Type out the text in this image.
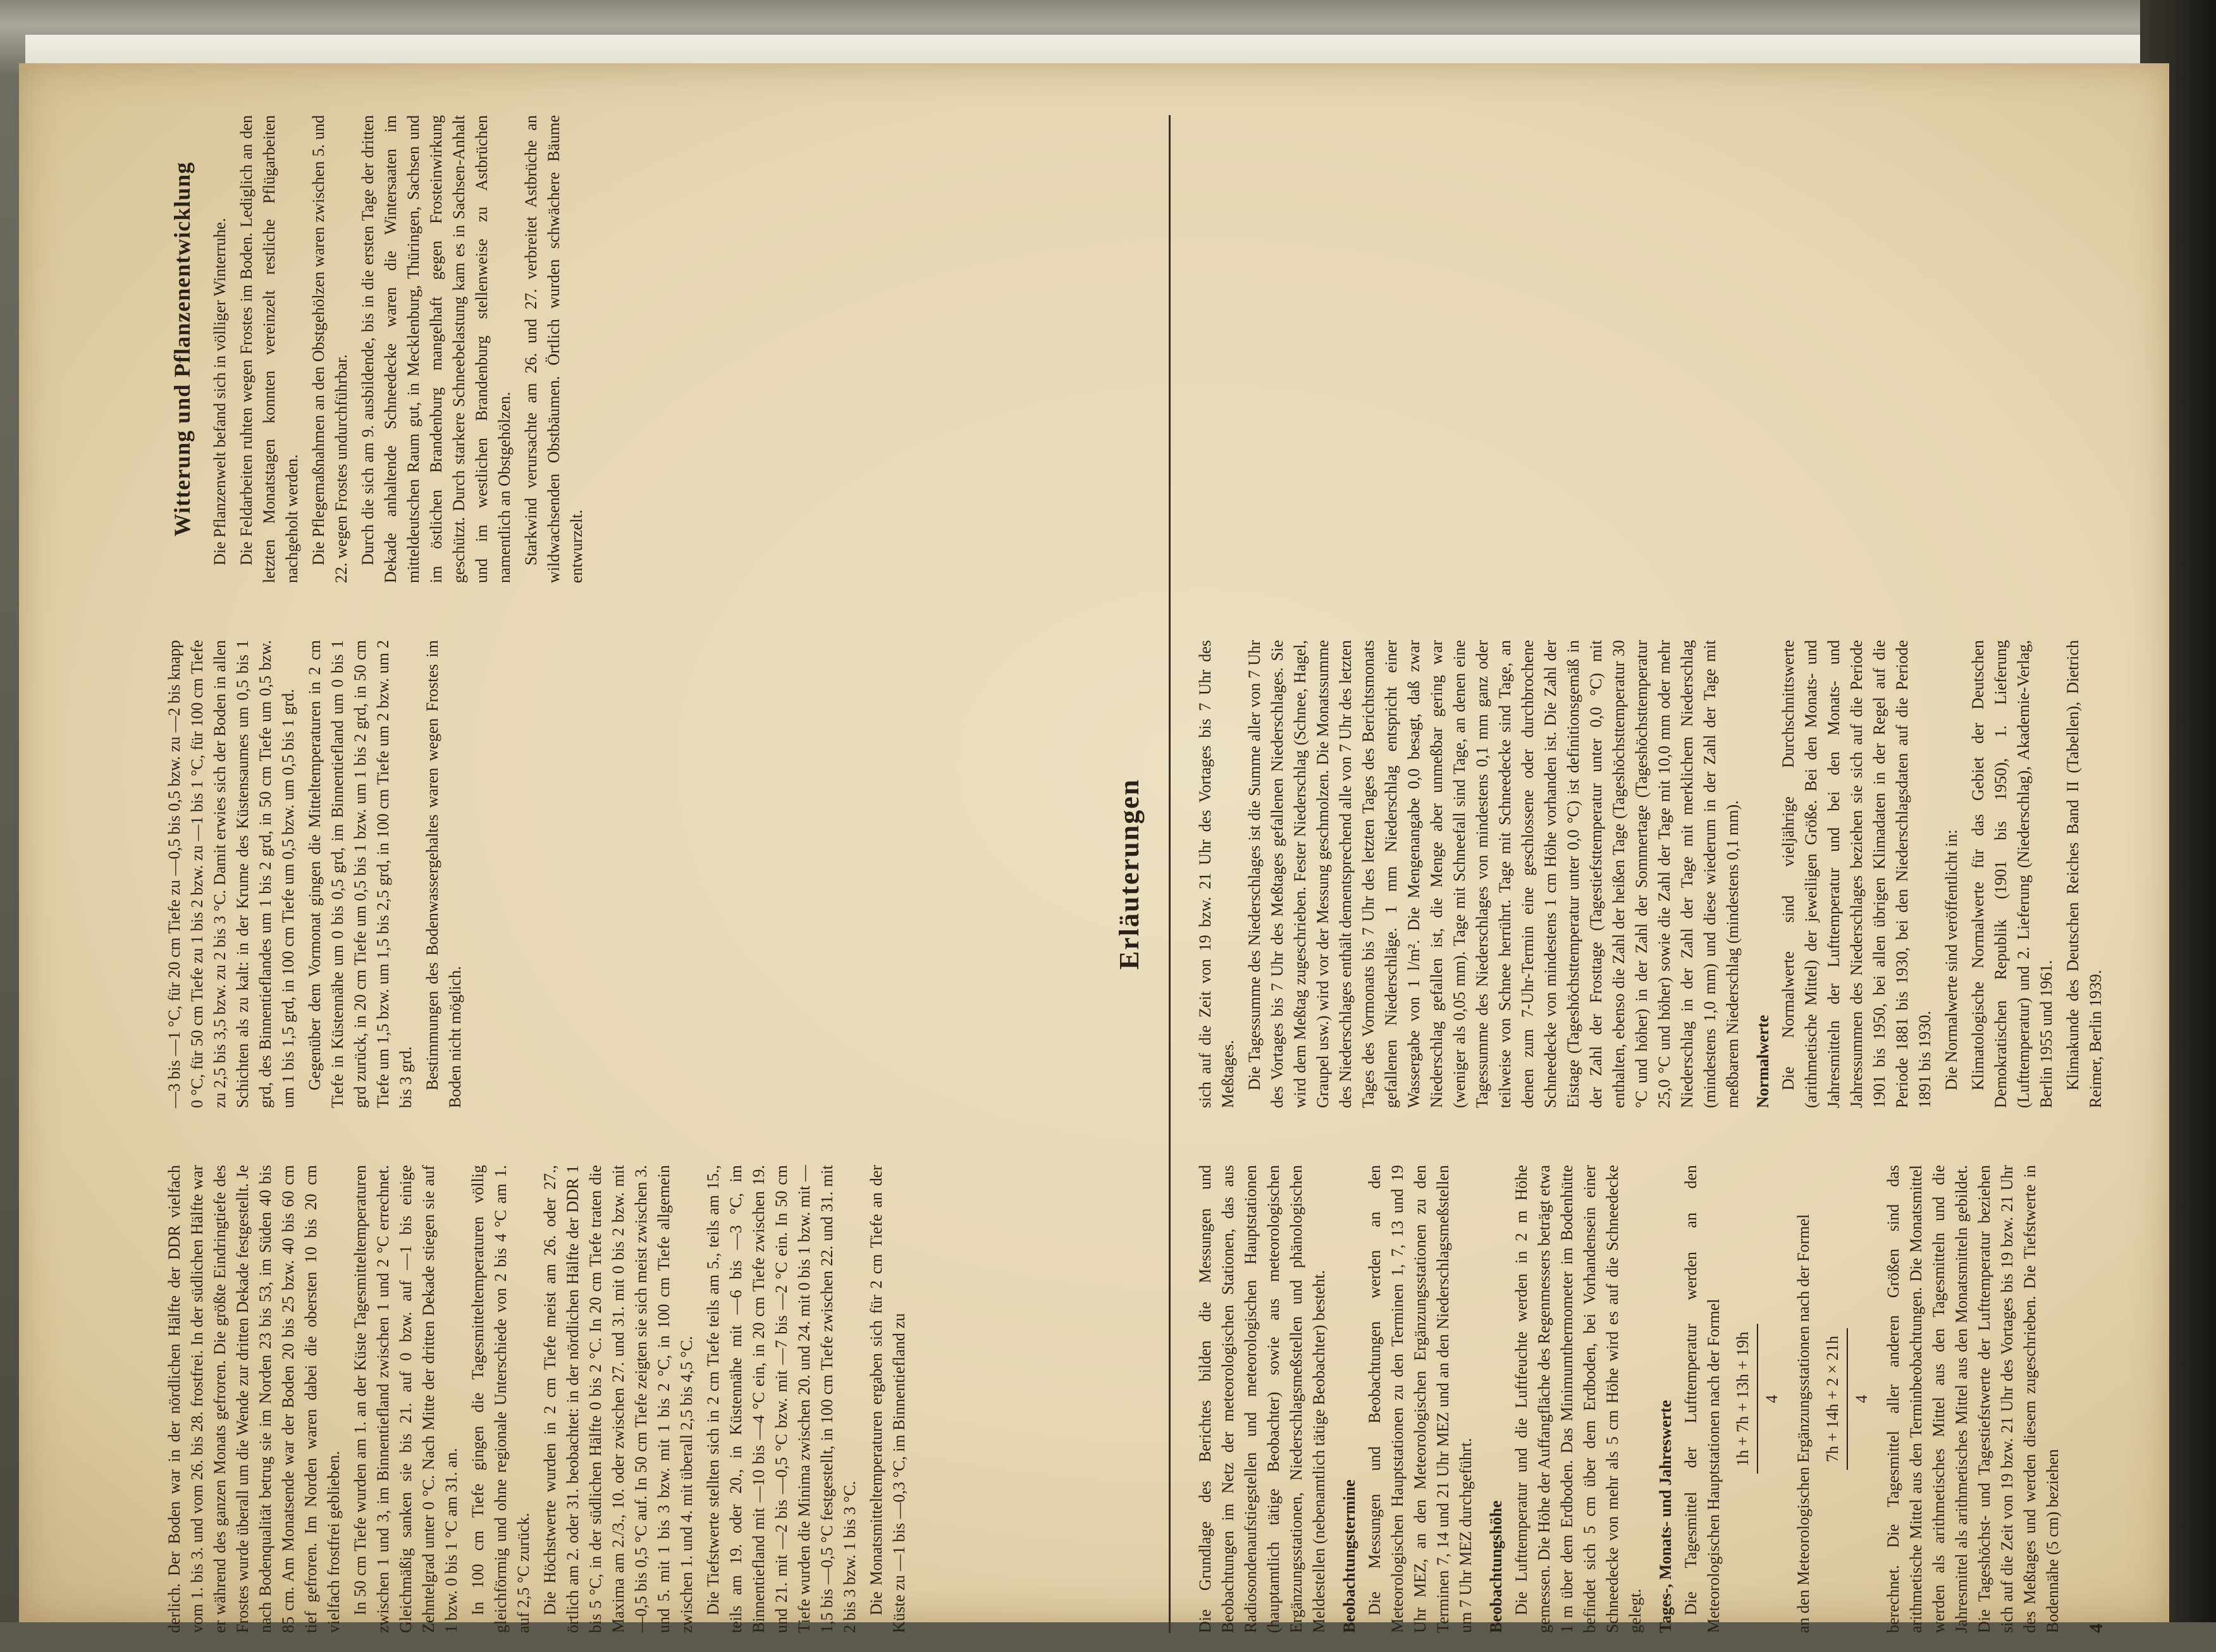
derlich. Der Boden war in der nördlichen Hälfte der DDR vielfach vom 1. bis 3. und vom 26. bis 28. frostfrei. In der südlichen Hälfte war er während des ganzen Monats gefroren. Die größte Eindringtiefe des Frostes wurde überall um die Wende zur dritten Dekade festgestellt. Je nach Bodenqualität betrug sie im Norden 23 bis 53, im Süden 40 bis 85 cm. Am Monatsende war der Boden 20 bis 25 bzw. 40 bis 60 cm tief gefroren. Im Norden waren dabei die obersten 10 bis 20 cm vielfach frostfrei geblieben. In 50 cm Tiefe wurden am 1. an der Küste Tagesmitteltemperaturen zwischen 1 und 3, im Binnentiefland zwischen 1 und 2 °C errechnet. Gleichmäßig sanken sie bis 21. auf 0 bzw. auf —1 bis einige Zehntelgrad unter 0 °C. Nach Mitte der dritten Dekade stiegen sie auf 1 bzw. 0 bis 1 °C am 31. an. In 100 cm Tiefe gingen die Tagesmitteltemperaturen völlig gleichförmig und ohne regionale Unterschiede von 2 bis 4 °C am 1. auf 2,5 °C zurück. Die Höchstwerte wurden in 2 cm Tiefe meist am 26. oder 27., örtlich am 2. oder 31. beobachtet: in der nördlichen Hälfte der DDR 1 bis 5 °C, in der südlichen Hälfte 0 bis 2 °C. In 20 cm Tiefe traten die Maxima am 2./3., 10. oder zwischen 27. und 31. mit 0 bis 2 bzw. mit —0,5 bis 0,5 °C auf. In 50 cm Tiefe zeigten sie sich meist zwischen 3. und 5. mit 1 bis 3 bzw. mit 1 bis 2 °C, in 100 cm Tiefe allgemein zwischen 1. und 4. mit überall 2,5 bis 4,5 °C. Die Tiefstwerte stellten sich in 2 cm Tiefe teils am 5., teils am 15., teils am 19. oder 20., in Küstennähe mit —6 bis —3 °C, im Binnentiefland mit —10 bis —4 °C ein, in 20 cm Tiefe zwischen 19. und 21. mit —2 bis —0,5 °C bzw. mit —7 bis —2 °C ein. In 50 cm Tiefe wurden die Minima zwischen 20. und 24. mit 0 bis 1 bzw. mit —1,5 bis —0,5 °C festgestellt, in 100 cm Tiefe zwischen 22. und 31. mit 2 bis 3 bzw. 1 bis 3 °C. Die Monatsmitteltemperaturen ergaben sich für 2 cm Tiefe an der Küste zu —1 bis —0,3 °C, im Binnentiefland zu

—3 bis —1 °C, für 20 cm Tiefe zu —0,5 bis 0,5 bzw. zu —2 bis knapp 0 °C, für 50 cm Tiefe zu 1 bis 2 bzw. zu —1 bis 1 °C, für 100 cm Tiefe zu 2,5 bis 3,5 bzw. zu 2 bis 3 °C. Damit erwies sich der Boden in allen Schichten als zu kalt: in der Krume des Küstensaumes um 0,5 bis 1 grd, des Binnentieflandes um 1 bis 2 grd, in 50 cm Tiefe um 0,5 bzw. um 1 bis 1,5 grd, in 100 cm Tiefe um 0,5 bzw. um 0,5 bis 1 grd. Gegenüber dem Vormonat gingen die Mitteltemperaturen in 2 cm Tiefe in Küstennähe um 0 bis 0,5 grd, im Binnentiefland um 0 bis 1 grd zurück, in 20 cm Tiefe um 0,5 bis 1 bzw. um 1 bis 2 grd, in 50 cm Tiefe um 1,5 bzw. um 1,5 bis 2,5 grd, in 100 cm Tiefe um 2 bzw. um 2 bis 3 grd. Bestimmungen des Bodenwassergehaltes waren wegen Frostes im Boden nicht möglich.

Witterung und Pflanzenentwicklung Die Pflanzenwelt befand sich in völliger Winterruhe. Die Feldarbeiten ruhten wegen Frostes im Boden. Lediglich an den letzten Monatstagen konnten vereinzelt restliche Pflügarbeiten nachgeholt werden. Die Pflegemaßnahmen an den Obstgehölzen waren zwischen 5. und 22. wegen Frostes undurchführbar. Durch die sich am 9. ausbildende, bis in die ersten Tage der dritten Dekade anhaltende Schneedecke waren die Wintersaaten im mitteldeutschen Raum gut, in Mecklenburg, Thüringen, Sachsen und im östlichen Brandenburg mangelhaft gegen Frosteinwirkung geschützt. Durch starkere Schneebelastung kam es in Sachsen-Anhalt und im westlichen Brandenburg stellenweise zu Astbrüchen namentlich an Obstgehölzen. Starkwind verursachte am 26. und 27. verbreitet Astbrüche an wildwachsenden Obstbäumen. Örtlich wurden schwächere Bäume entwurzelt.

Erläuterungen

Die Grundlage des Berichtes bilden die Messungen und Beobachtungen im Netz der meteorologischen Stationen, das aus Radiosondenaufstiegstellen und meteorologischen Hauptstationen (hauptamtlich tätige Beobachter) sowie aus meteorologischen Ergänzungsstationen, Niederschlagsmeßstellen und phänologischen Meldestellen (nebenamtlich tätige Beobachter) besteht. Beobachtungstermine Die Messungen und Beobachtungen werden an den Meteorologischen Hauptstationen zu den Terminen 1, 7, 13 und 19 Uhr MEZ, an den Meteorologischen Ergänzungsstationen zu den Terminen 7, 14 und 21 Uhr MEZ und an den Niederschlagsmeßstellen um 7 Uhr MEZ durchgeführt. Beobachtungshöhe Die Lufttemperatur und die Luftfeuchte werden in 2 m Höhe gemessen. Die Höhe der Auffangfläche des Regenmessers beträgt etwa 1 m über dem Erdboden. Das Minimumthermometer im Bodenhütte befindet sich 5 cm über dem Erdboden, bei Vorhandensein einer Schneedecke von mehr als 5 cm Höhe wird es auf die Schneedecke gelegt. Tages-, Monats- und Jahreswerte Die Tagesmittel der Lufttemperatur werden an den Meteorologischen Hauptstationen nach der Formel 1h + 7h + 13h + 19h 4 an den Meteorologischen Ergänzungsstationen nach der Formel 7h + 14h + 2 × 21h 4 berechnet. Die Tagesmittel aller anderen Größen sind das arithmetische Mittel aus den Terminbeobachtungen. Die Monatsmittel werden als arithmetisches Mittel aus den Tagesmitteln und die Jahresmittel als arithmetisches Mittel aus den Monatsmitteln gebildet. Die Tageshöchst- und Tagestiefstwerte der Lufttemperatur beziehen sich auf die Zeit von 19 bzw. 21 Uhr des Vortages bis 19 bzw. 21 Uhr des Meßtages und werden diesem zugeschrieben. Die Tiefstwerte in Bodennähe (5 cm) beziehen

sich auf die Zeit von 19 bzw. 21 Uhr des Vortages bis 7 Uhr des Meßtages. Die Tagessumme des Niederschlages ist die Summe aller von 7 Uhr des Vortages bis 7 Uhr des Meßtages gefallenen Niederschlages. Sie wird dem Meßtag zugeschrieben. Fester Niederschlag (Schnee, Hagel, Graupel usw.) wird vor der Messung geschmolzen. Die Monatssumme des Niederschlages enthält dementsprechend alle von 7 Uhr des letzten Tages des Vormonats bis 7 Uhr des letzten Tages des Berichtsmonats gefallenen Niederschläge. 1 mm Niederschlag entspricht einer Wassergabe von 1 l/m². Die Mengenangabe 0,0 besagt, daß zwar Niederschlag gefallen ist, die Menge aber unmeßbar gering war (weniger als 0,05 mm). Tage mit Schneefall sind Tage, an denen eine Tagessumme des Niederschlages von mindestens 0,1 mm ganz oder teilweise von Schnee herrührt. Tage mit Schneedecke sind Tage, an denen zum 7-Uhr-Termin eine geschlossene oder durchbrochene Schneedecke von mindestens 1 cm Höhe vorhanden ist. Die Zahl der Eistage (Tageshöchsttemperatur unter 0,0 °C) ist definitionsgemäß in der Zahl der Frosttage (Tagestiefsttemperatur unter 0,0 °C) mit enthalten, ebenso die Zahl der heißen Tage (Tageshöchsttemperatur 30 °C und höher) in der Zahl der Sommertage (Tageshöchsttemperatur 25,0 °C und höher) sowie die Zahl der Tage mit 10,0 mm oder mehr Niederschlag in der Zahl der Tage mit merklichem Niederschlag (mindestens 1,0 mm) und diese wiederum in der Zahl der Tage mit meßbarem Niederschlag (mindestens 0,1 mm). Normalwerte Die Normalwerte sind vieljährige Durchschnittswerte (arithmetische Mittel) der jeweiligen Größe. Bei den Monats- und Jahresmitteln der Lufttemperatur und bei den Monats- und Jahressummen des Niederschlages beziehen sie sich auf die Periode 1901 bis 1950, bei allen übrigen Klimadaten in der Regel auf die Periode 1881 bis 1930, bei den Niederschlagsdaten auf die Periode 1891 bis 1930. Die Normalwerte sind veröffentlicht in: Klimatologische Normalwerte für das Gebiet der Deutschen Demokratischen Republik (1901 bis 1950), 1. Lieferung (Lufttemperatur) und 2. Lieferung (Niederschlag), Akademie-Verlag, Berlin 1955 und 1961. Klimakunde des Deutschen Reiches Band II (Tabellen), Dietrich Reimer, Berlin 1939.

4
